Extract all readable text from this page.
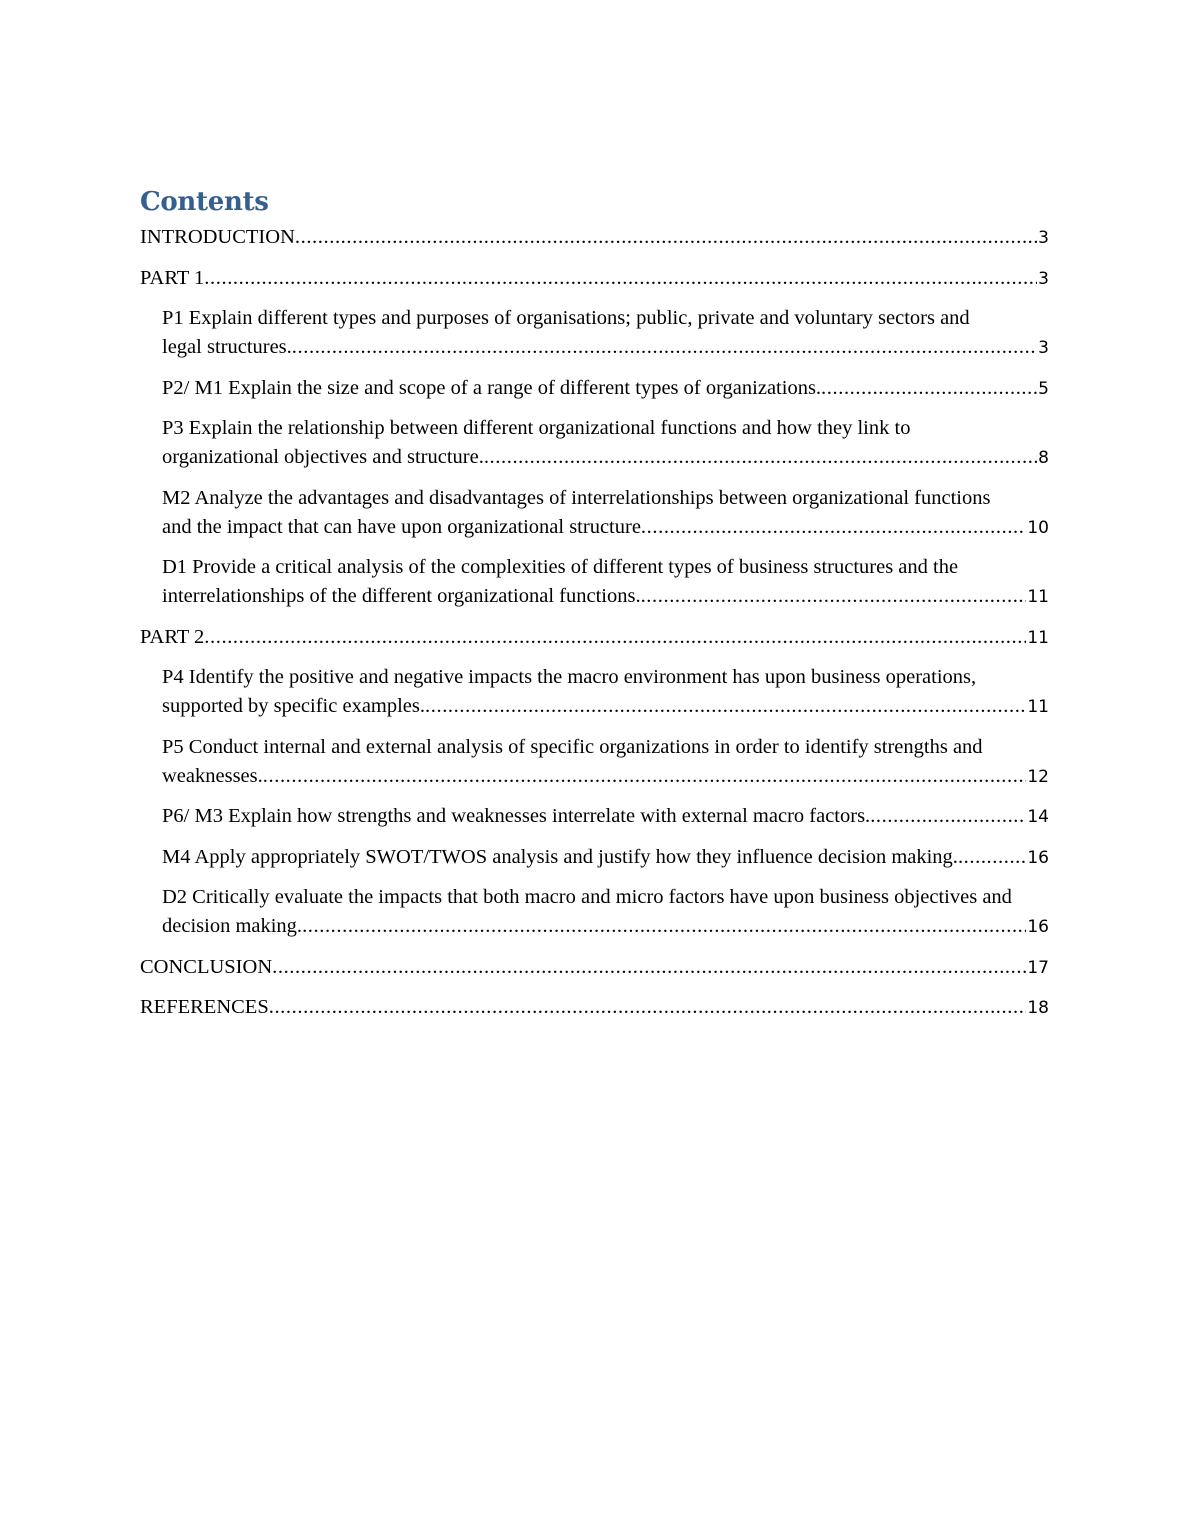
Contents
INTRODUCTION .....	3
PART 1 .....	3
P1 Explain different types and purposes of organisations; public, private and voluntary sectors and
legal structures. .....	3
P2/ M1 Explain the size and scope of a range of different types of organizations. .....	5
P3 Explain the relationship between different organizational functions and how they link to
organizational objectives and structure. .....	8
M2 Analyze the advantages and disadvantages of interrelationships between organizational functions
and the impact that can have upon organizational structure .....	10
D1 Provide a critical analysis of the complexities of different types of business structures and the
interrelationships of the different organizational functions. .....	11
PART 2 .....	11
P4 Identify the positive and negative impacts the macro environment has upon business operations,
supported by specific examples. .....	11
P5 Conduct internal and external analysis of specific organizations in order to identify strengths and
weaknesses. .....	12
P6/ M3 Explain how strengths and weaknesses interrelate with external macro factors. .....	14
M4 Apply appropriately SWOT/TWOS analysis and justify how they influence decision making. .....	16
D2 Critically evaluate the impacts that both macro and micro factors have upon business objectives and
decision making. .....	16
CONCLUSION .....	17
REFERENCES .....	18
